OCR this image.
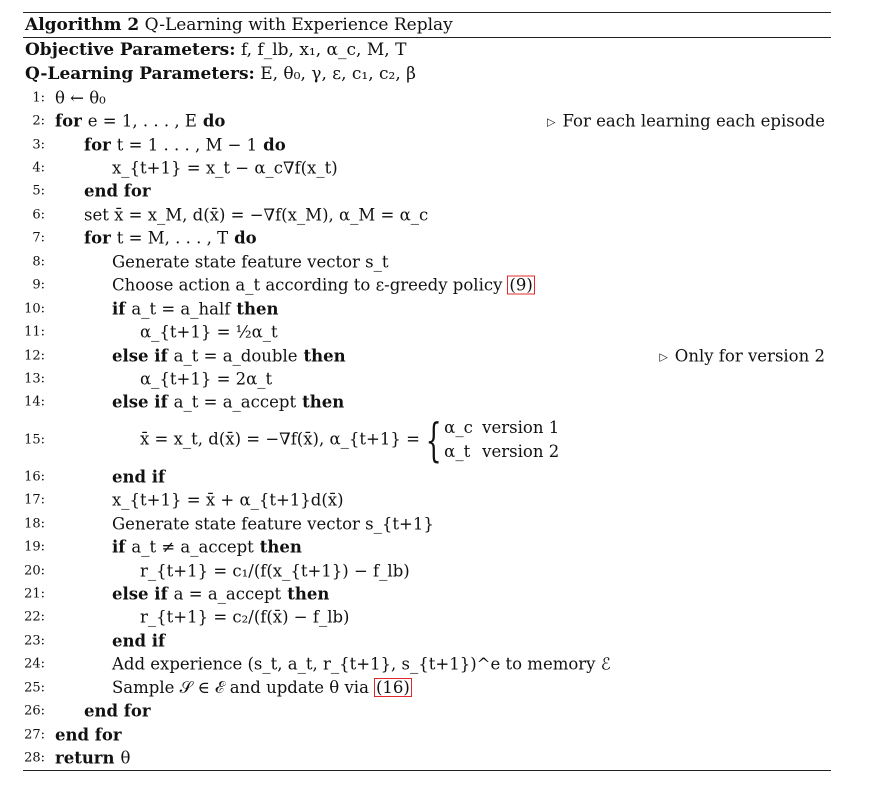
Algorithm 2 Q-Learning with Experience Replay
Objective Parameters: f, f_lb, x₁, α_c, M, T
Q-Learning Parameters: E, θ₀, γ, ε, c₁, c₂, β
1: θ ← θ₀
2: for e = 1, . . . , E do	▷ For each learning each episode
3: for t = 1 . . . , M − 1 do
4:	x_{t+1} = x_t − α_c∇f(x_t)
5: end for
6: set x̄ = x_M, d(x̄) = −∇f(x_M), α_M = α_c
7: for t = M, . . . , T do
8:	Generate state feature vector s_t
9:	Choose action a_t according to ε-greedy policy (9)
10:	if a_t = a_half then
11:	α_{t+1} = ½α_t
12:	else if a_t = a_double then	▷ Only for version 2
13:	α_{t+1} = 2α_t
14:	else if a_t = a_accept then
15:	x̄ = x_t, d(x̄) = −∇f(x̄), α_{t+1} = { α_c version 1
α_t version 2
16:	end if
17:	x_{t+1} = x̄ + α_{t+1}d(x̄)
18:	Generate state feature vector s_{t+1}
19:	if a_t ≠ a_accept then
20:	r_{t+1} = c₁/(f(x_{t+1}) − f_lb)
21:	else if a = a_accept then
22:	r_{t+1} = c₂/(f(x̄) − f_lb)
23:	end if
24:	Add experience (s_t, a_t, r_{t+1}, s_{t+1})^e to memory ℰ
25:	Sample 𝒮 ∈ ℰ and update θ via (16)
26: end for
27: end for
28: return θ
